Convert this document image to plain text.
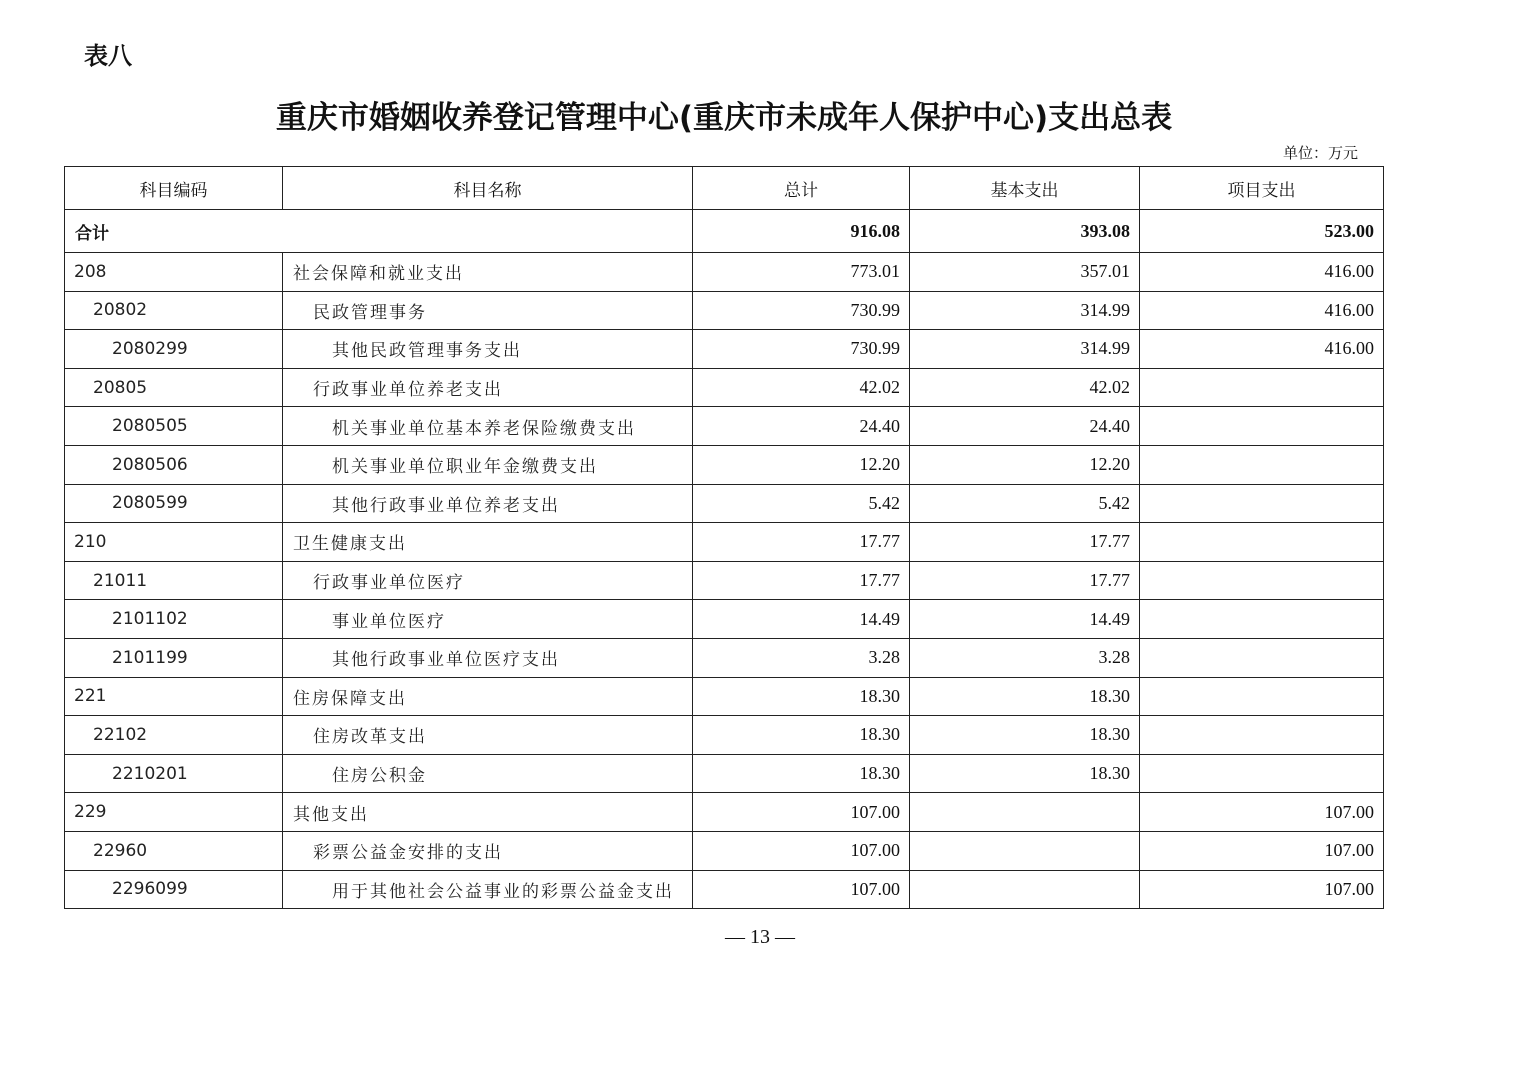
表八
重庆市婚姻收养登记管理中心(重庆市未成年人保护中心)支出总表
单位：万元
科目编码	科目名称	总计	基本支出	项目支出
合计		916.08	393.08	523.00
208	社会保障和就业支出	773.01	357.01	416.00
20802	民政管理事务	730.99	314.99	416.00
2080299	其他民政管理事务支出	730.99	314.99	416.00
20805	行政事业单位养老支出	42.02	42.02	
2080505	机关事业单位基本养老保险缴费支出	24.40	24.40	
2080506	机关事业单位职业年金缴费支出	12.20	12.20	
2080599	其他行政事业单位养老支出	5.42	5.42	
210	卫生健康支出	17.77	17.77	
21011	行政事业单位医疗	17.77	17.77	
2101102	事业单位医疗	14.49	14.49	
2101199	其他行政事业单位医疗支出	3.28	3.28	
221	住房保障支出	18.30	18.30	
22102	住房改革支出	18.30	18.30	
2210201	住房公积金	18.30	18.30	
229	其他支出	107.00		107.00
22960	彩票公益金安排的支出	107.00		107.00
2296099	用于其他社会公益事业的彩票公益金支出	107.00		107.00
— 13 —
